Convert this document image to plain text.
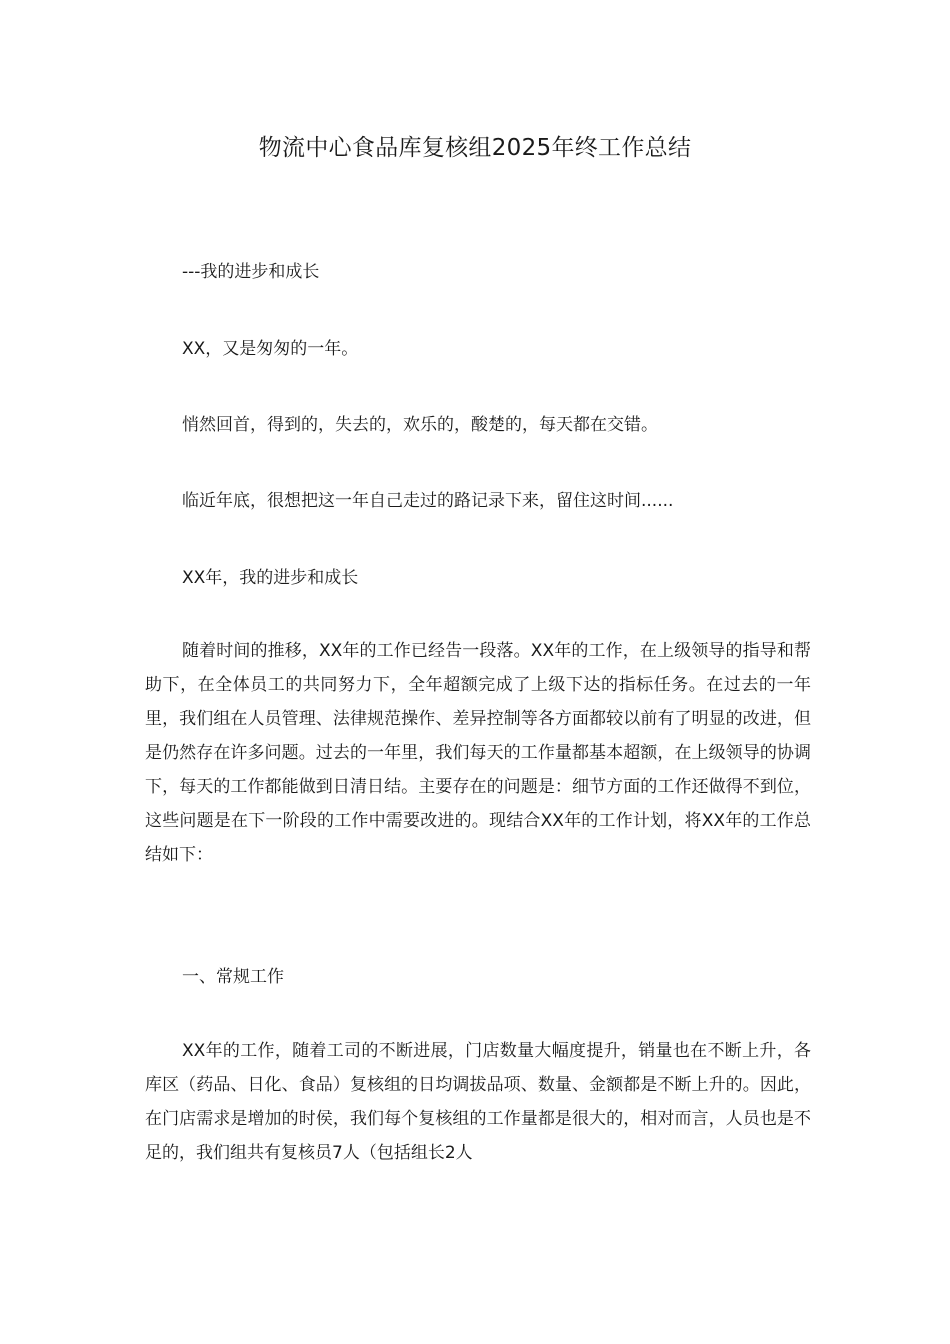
物流中心食品库复核组2025年终工作总结
---我的进步和成长
XX，又是匆匆的一年。
悄然回首，得到的，失去的，欢乐的，酸楚的，每天都在交错。
临近年底，很想把这一年自己走过的路记录下来，留住这时间......
XX年，我的进步和成长

随着时间的推移，XX年的工作已经告一段落。XX年的工作，在上级领导的指导和帮助下，在全体员工的共同努力下，全年超额完成了上级下达的指标任务。在过去的一年里，我们组在人员管理、法律规范操作、差异控制等各方面都较以前有了明显的改进，但是仍然存在许多问题。过去的一年里，我们每天的工作量都基本超额，在上级领导的协调下，每天的工作都能做到日清日结。主要存在的问题是：细节方面的工作还做得不到位，这些问题是在下一阶段的工作中需要改进的。现结合XX年的工作计划，将XX年的工作总结如下：

一、常规工作

XX年的工作，随着工司的不断进展，门店数量大幅度提升，销量也在不断上升，各库区（药品、日化、食品）复核组的日均调拔品项、数量、金额都是不断上升的。因此，在门店需求是增加的时侯，我们每个复核组的工作量都是很大的，相对而言，人员也是不足的，我们组共有复核员7人（包括组长2人
